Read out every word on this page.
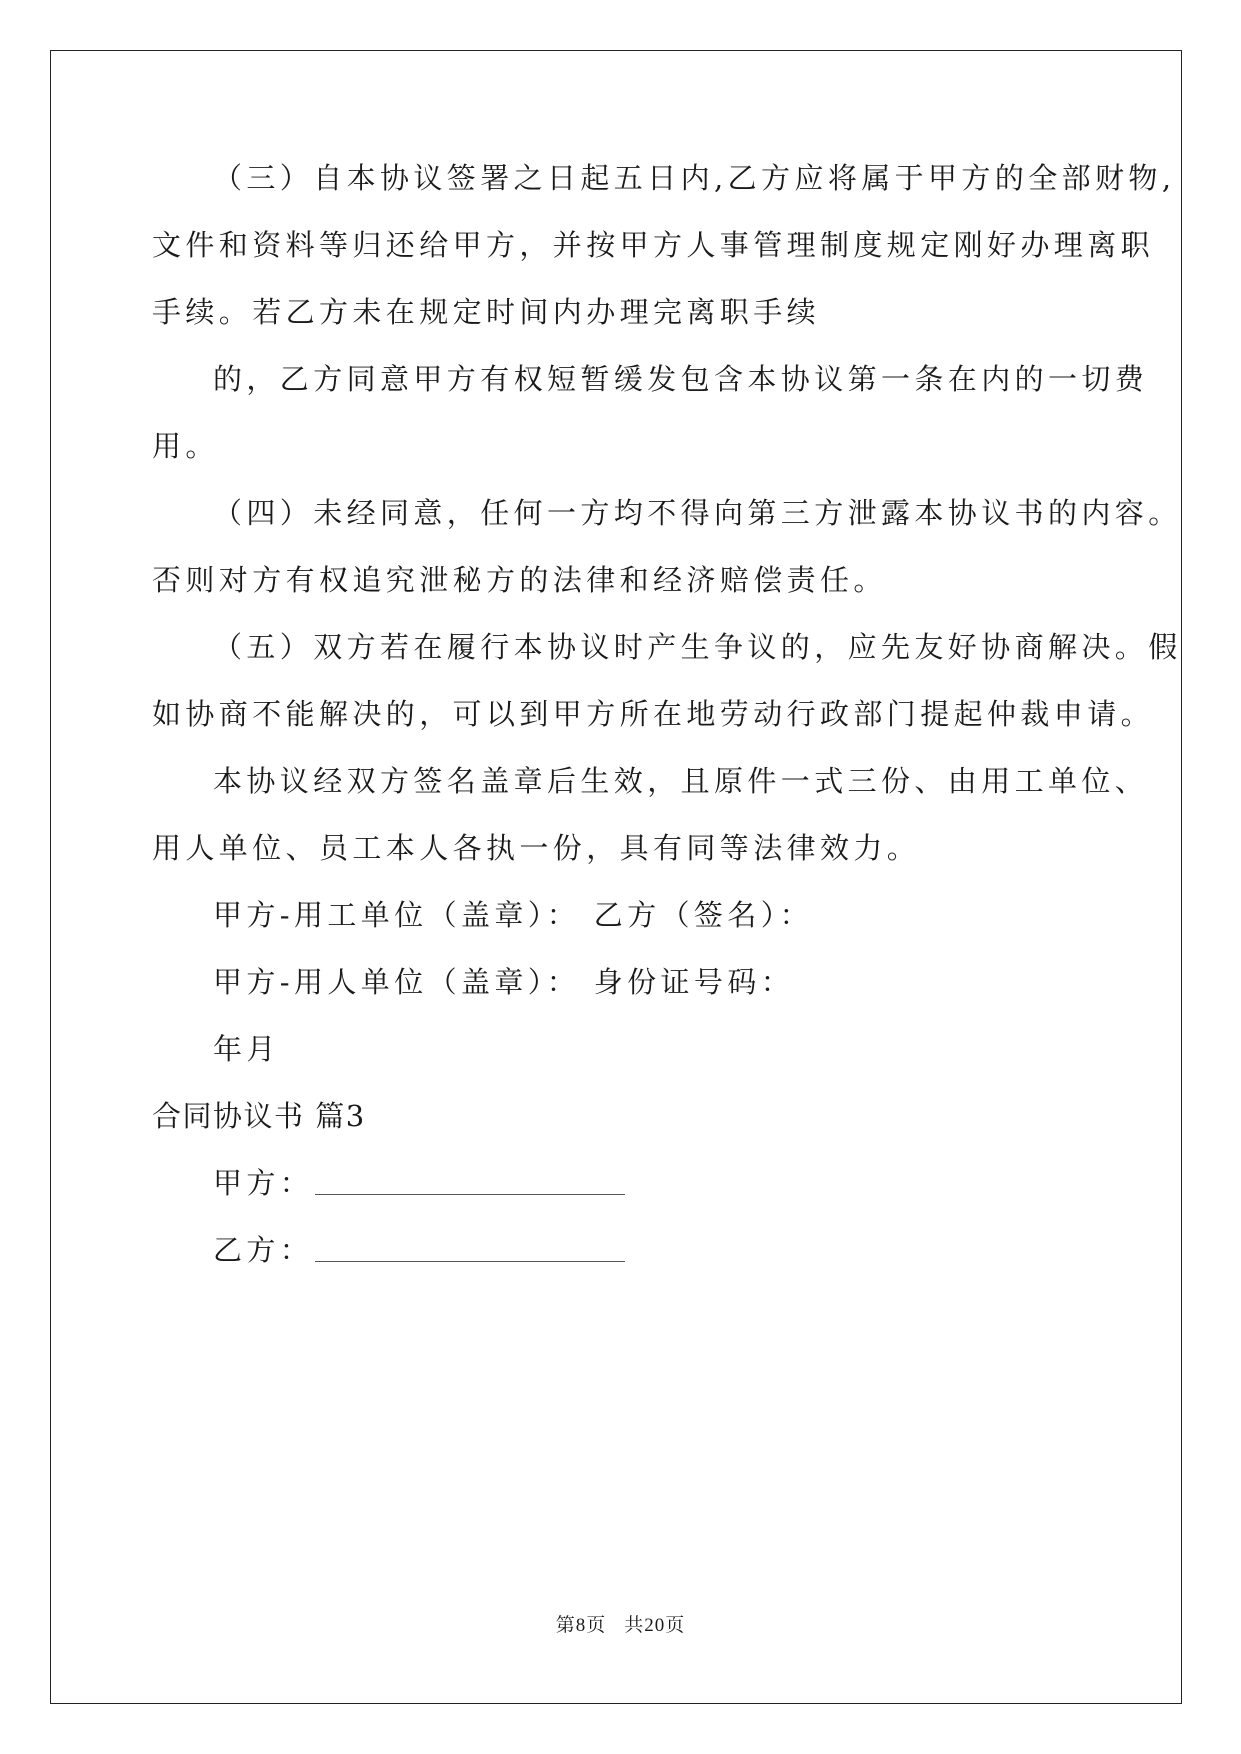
（三）自本协议签署之日起五日内,乙方应将属于甲方的全部财物,
文件和资料等归还给甲方，并按甲方人事管理制度规定刚好办理离职
手续。若乙方未在规定时间内办理完离职手续
的，乙方同意甲方有权短暂缓发包含本协议第一条在内的一切费
用。
（四）未经同意，任何一方均不得向第三方泄露本协议书的内容。
否则对方有权追究泄秘方的法律和经济赔偿责任。
（五）双方若在履行本协议时产生争议的，应先友好协商解决。假
如协商不能解决的，可以到甲方所在地劳动行政部门提起仲裁申请。
本协议经双方签名盖章后生效，且原件一式三份、由用工单位、
用人单位、员工本人各执一份，具有同等法律效力。
甲方-用工单位（盖章）： 乙方（签名）：
甲方-用人单位（盖章）： 身份证号码：
年月
合同协议书 篇3
甲方：
乙方：
第8页 共20页
